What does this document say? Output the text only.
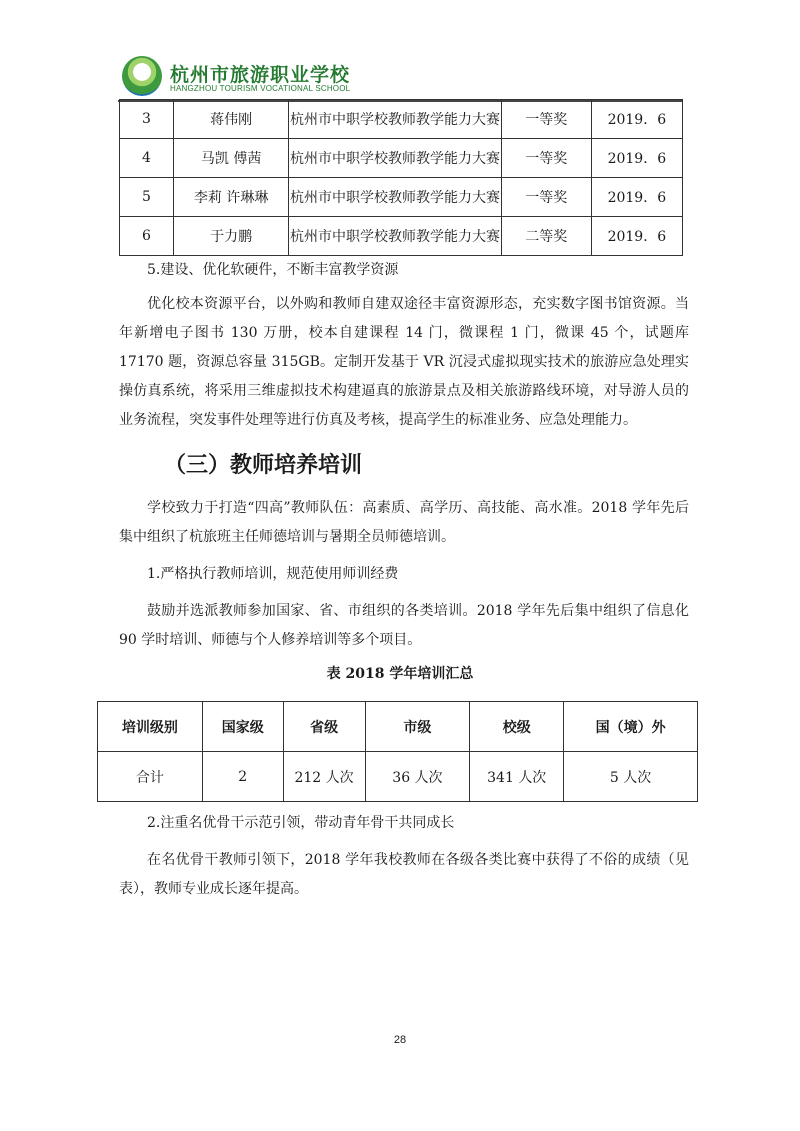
杭州市旅游职业学校
HANGZHOU TOURISM VOCATIONAL SCHOOL
3	蒋伟刚	杭州市中职学校教师教学能力大赛	一等奖	2019．6
4	马凯 傅茜	杭州市中职学校教师教学能力大赛	一等奖	2019．6
5	李莉 许琳琳	杭州市中职学校教师教学能力大赛	一等奖	2019．6
6	于力鹏	杭州市中职学校教师教学能力大赛	二等奖	2019．6

5.建设、优化软硬件，不断丰富教学资源

优化校本资源平台，以外购和教师自建双途径丰富资源形态，充实数字图书馆资源。当年新增电子图书 130 万册，校本自建课程 14 门，微课程 1 门，微课 45 个，试题库 17170 题，资源总容量 315GB。定制开发基于 VR 沉浸式虚拟现实技术的旅游应急处理实操仿真系统，将采用三维虚拟技术构建逼真的旅游景点及相关旅游路线环境，对导游人员的业务流程，突发事件处理等进行仿真及考核，提高学生的标准业务、应急处理能力。

（三）教师培养培训

学校致力于打造“四高”教师队伍：高素质、高学历、高技能、高水准。2018 学年先后集中组织了杭旅班主任师德培训与暑期全员师德培训。

1.严格执行教师培训，规范使用师训经费

鼓励并选派教师参加国家、省、市组织的各类培训。2018 学年先后集中组织了信息化 90 学时培训、师德与个人修养培训等多个项目。

表 2018 学年培训汇总
培训级别	国家级	省级	市级	校级	国（境）外
合计	2	212 人次	36 人次	341 人次	5 人次

2.注重名优骨干示范引领，带动青年骨干共同成长

在名优骨干教师引领下，2018 学年我校教师在各级各类比赛中获得了不俗的成绩（见表），教师专业成长逐年提高。

28
